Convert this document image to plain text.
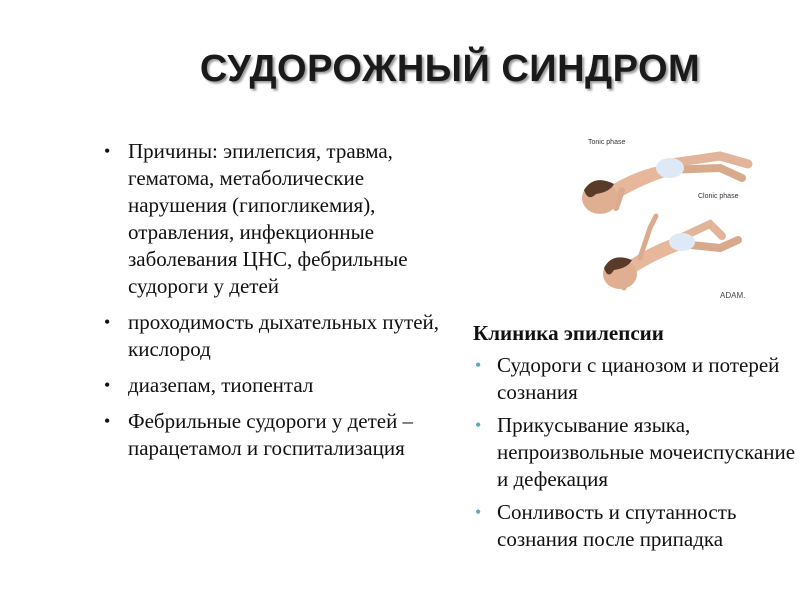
СУДОРОЖНЫЙ СИНДРОМ
• Причины: эпилепсия, травма, гематома, метаболические нарушения (гипогликемия), отравления, инфекционные заболевания ЦНС, фебрильные судороги у детей
• проходимость дыхательных путей, кислород
• диазепам, тиопентал
• Фебрильные судороги у детей – парацетамол и госпитализация
Tonic phase
Clonic phase
ADAM.
Клиника эпилепсии
• Судороги с цианозом и потерей сознания
• Прикусывание языка, непроизвольные мочеиспускание и дефекация
• Сонливость и спутанность сознания после припадка
